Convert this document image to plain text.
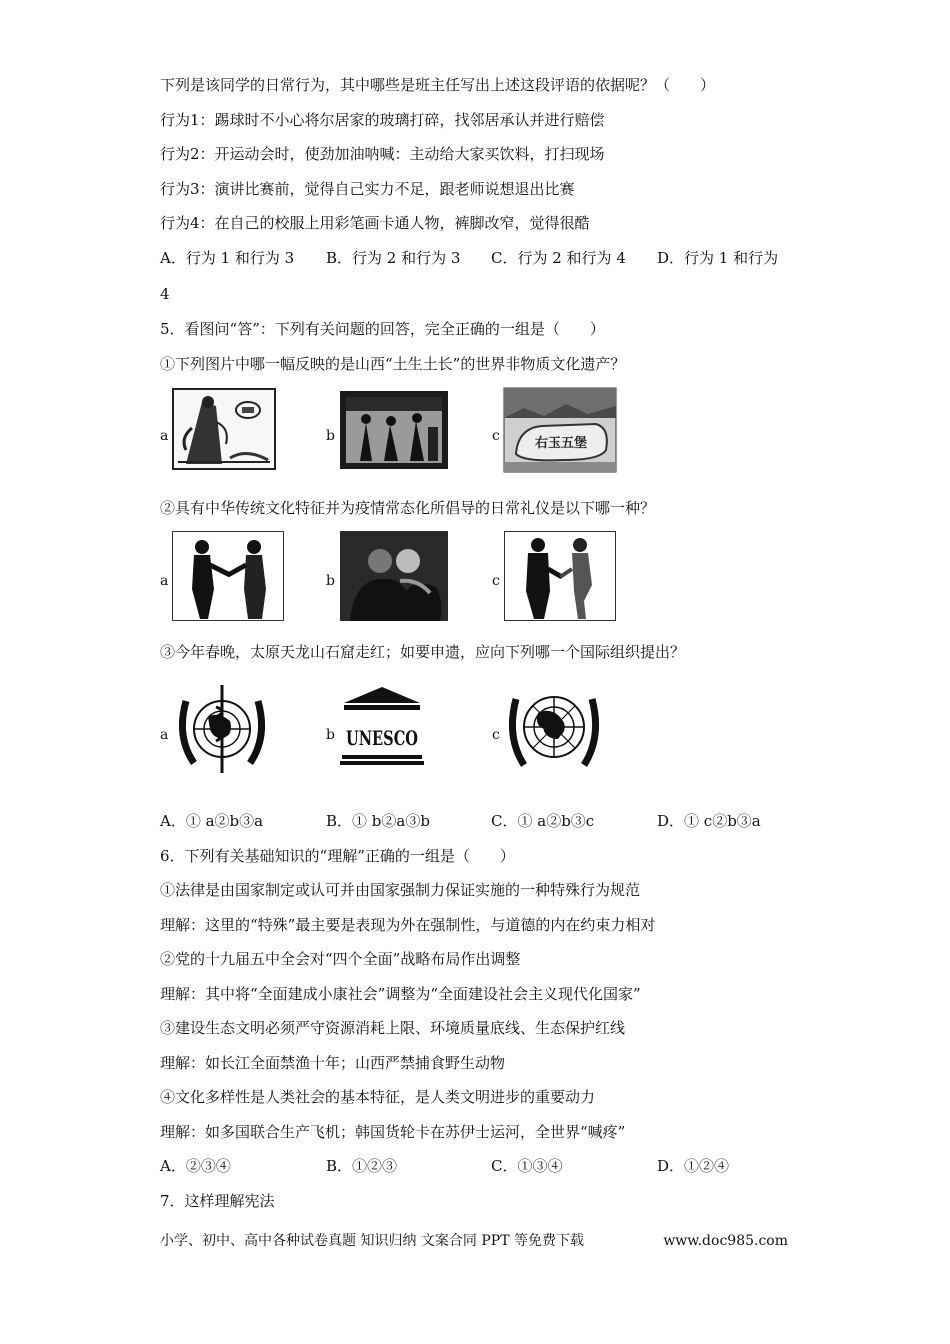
下列是该同学的日常行为，其中哪些是班主任写出上述这段评语的依据呢？（　　）
行为1：踢球时不小心将尔居家的玻璃打碎，找邻居承认并进行赔偿
行为2：开运动会时，使劲加油呐喊：主动给大家买饮料，打扫现场
行为3：演讲比赛前，觉得自己实力不足，跟老师说想退出比赛
行为4：在自己的校服上用彩笔画卡通人物，裤脚改窄，觉得很酷
A．行为 1 和行为 3 B．行为 2 和行为 3 C．行为 2 和行为 4 D．行为 1 和行为
4
5．看图问“答”：下列有关问题的回答，完全正确的一组是（　　）
①下列图片中哪一幅反映的是山西“土生土长”的世界非物质文化遗产？
a	b	c	右玉五堡
②具有中华传统文化特征并为疫情常态化所倡导的日常礼仪是以下哪一种？
a	b	c
③今年春晚，太原天龙山石窟走红；如要申遗，应向下列哪一个国际组织提出？
a	b UNESCO	c
A．① a②b③a	B．① b②a③b	C．① a②b③c	D．① c②b③a
6．下列有关基础知识的“理解”正确的一组是（　　）
①法律是由国家制定或认可并由国家强制力保证实施的一种特殊行为规范
理解：这里的“特殊”最主要是表现为外在强制性，与道德的内在约束力相对
②党的十九届五中全会对“四个全面”战略布局作出调整
理解：其中将“全面建成小康社会”调整为“全面建设社会主义现代化国家”
③建设生态文明必须严守资源消耗上限、环境质量底线、生态保护红线
理解：如长江全面禁渔十年；山西严禁捕食野生动物
④文化多样性是人类社会的基本特征，是人类文明进步的重要动力
理解：如多国联合生产飞机；韩国货轮卡在苏伊士运河，全世界“喊疼”
A．②③④	B．①②③	C．①③④	D．①②④
7．这样理解宪法
小学、初中、高中各种试卷真题 知识归纳 文案合同 PPT 等免费下载	www.doc985.com
